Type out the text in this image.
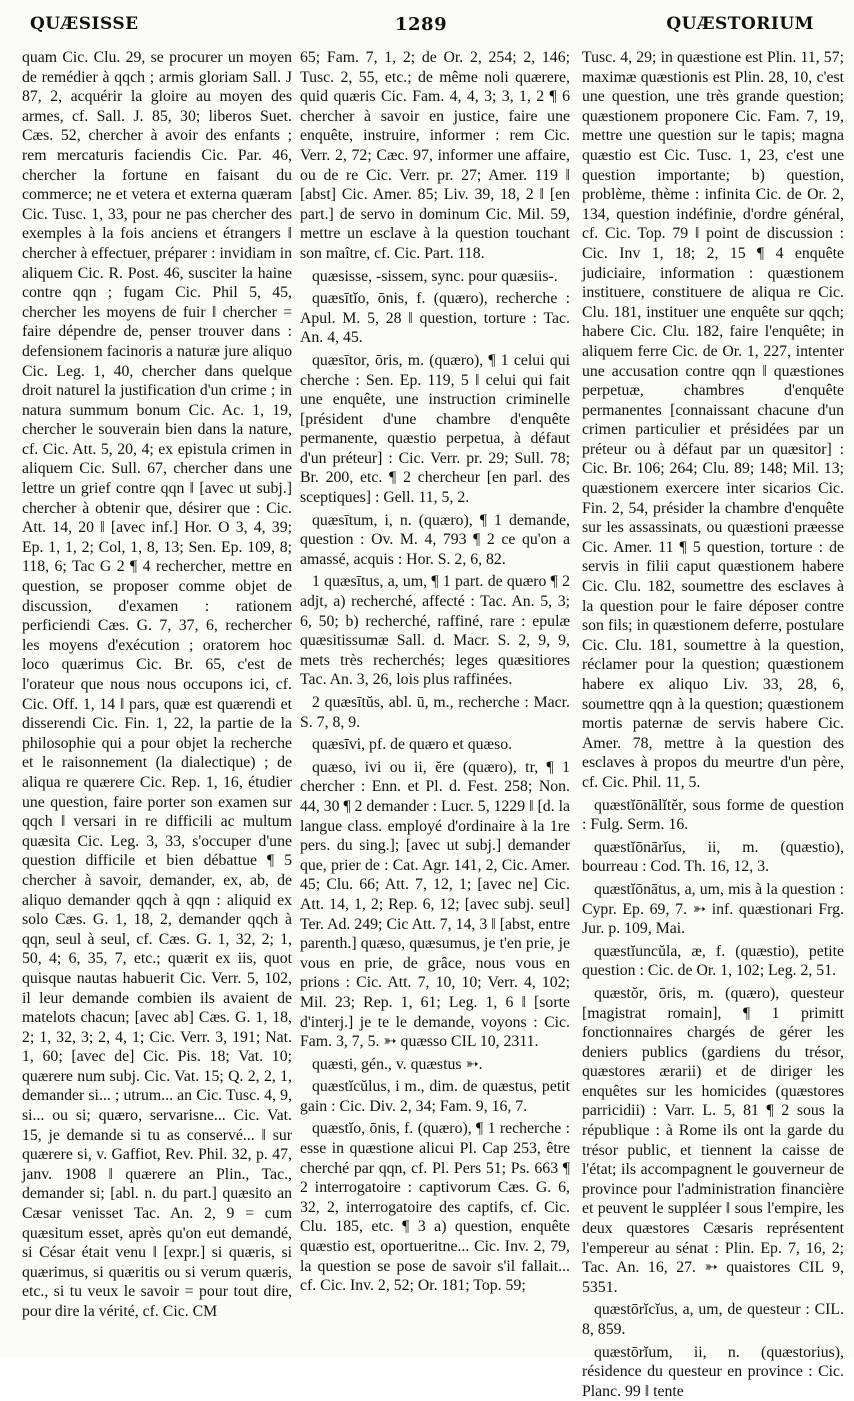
QUÆSISSE	1289	QUÆSTORIUM

quam Cic. Clu. 29, se procurer un moyen de remédier à qqch ; armis gloriam Sall. J 87, 2, acquérir la gloire au moyen des armes, cf. Sall. J. 85, 30; liberos Suet. Cæs. 52, chercher à avoir des enfants ; rem mercaturis faciendis Cic. Par. 46, chercher la fortune en faisant du commerce; ne et vetera et externa quæram Cic. Tusc. 1, 33, pour ne pas chercher des exemples à la fois anciens et étrangers ‖ chercher à effectuer, préparer : invidiam in aliquem Cic. R. Post. 46, susciter la haine contre qqn ; fugam Cic. Phil 5, 45, chercher les moyens de fuir ‖ chercher = faire dépendre de, penser trouver dans : defensionem facinoris a naturæ jure aliquo Cic. Leg. 1, 40, chercher dans quelque droit naturel la justification d'un crime ; in natura summum bonum Cic. Ac. 1, 19, chercher le souverain bien dans la nature, cf. Cic. Att. 5, 20, 4; ex epistula crimen in aliquem Cic. Sull. 67, chercher dans une lettre un grief contre qqn ‖ [avec ut subj.] chercher à obtenir que, désirer que : Cic. Att. 14, 20 ‖ [avec inf.] Hor. O 3, 4, 39; Ep. 1, 1, 2; Col, 1, 8, 13; Sen. Ep. 109, 8; 118, 6; Tac G 2 ¶ 4 rechercher, mettre en question, se proposer comme objet de discussion, d'examen : rationem perficiendi Cæs. G. 7, 37, 6, rechercher les moyens d'exécution ; oratorem hoc loco quærimus Cic. Br. 65, c'est de l'orateur que nous nous occupons ici, cf. Cic. Off. 1, 14 ‖ pars, quæ est quærendi et disserendi Cic. Fin. 1, 22, la partie de la philosophie qui a pour objet la recherche et le raisonnement (la dialectique) ; de aliqua re quærere Cic. Rep. 1, 16, étudier une question, faire porter son examen sur qqch ‖ versari in re difficili ac multum quæsita Cic. Leg. 3, 33, s'occuper d'une question difficile et bien débattue ¶ 5 chercher à savoir, demander, ex, ab, de aliquo demander qqch à qqn : aliquid ex solo Cæs. G. 1, 18, 2, demander qqch à qqn, seul à seul, cf. Cæs. G. 1, 32, 2; 1, 50, 4; 6, 35, 7, etc.; quærit ex iis, quot quisque nautas habuerit Cic. Verr. 5, 102, il leur demande combien ils avaient de matelots chacun; [avec ab] Cæs. G. 1, 18, 2; 1, 32, 3; 2, 4, 1; Cic. Verr. 3, 191; Nat. 1, 60; [avec de] Cic. Pis. 18; Vat. 10; quærere num subj. Cic. Vat. 15; Q. 2, 2, 1, demander si... ; utrum... an Cic. Tusc. 4, 9, si... ou si; quæro, servarisne... Cic. Vat. 15, je demande si tu as conservé... ‖ sur quærere si, v. Gaffiot, Rev. Phil. 32, p. 47, janv. 1908 ‖ quærere an Plin., Tac., demander si; [abl. n. du part.] quæsito an Cæsar venisset Tac. An. 2, 9 = cum quæsitum esset, après qu'on eut demandé, si César était venu ‖ [expr.] si quæris, si quærimus, si quæritis ou si verum quæris, etc., si tu veux le savoir = pour tout dire, pour dire la vérité, cf. Cic. CM

65; Fam. 7, 1, 2; de Or. 2, 254; 2, 146; Tusc. 2, 55, etc.; de même noli quærere, quid quæris Cic. Fam. 4, 4, 3; 3, 1, 2 ¶ 6 chercher à savoir en justice, faire une enquête, instruire, informer : rem Cic. Verr. 2, 72; Cæc. 97, informer une affaire, ou de re Cic. Verr. pr. 27; Amer. 119 ‖ [abst] Cic. Amer. 85; Liv. 39, 18, 2 ‖ [en part.] de servo in dominum Cic. Mil. 59, mettre un esclave à la question touchant son maître, cf. Cic. Part. 118.

quæsisse, -sissem, sync. pour quæsiis-.

quæsītĭo, ōnis, f. (quæro), recherche : Apul. M. 5, 28 ‖ question, torture : Tac. An. 4, 45.

quæsītor, ōris, m. (quæro), ¶ 1 celui qui cherche : Sen. Ep. 119, 5 ‖ celui qui fait une enquête, une instruction criminelle [président d'une chambre d'enquête permanente, quæstio perpetua, à défaut d'un préteur] : Cic. Verr. pr. 29; Sull. 78; Br. 200, etc. ¶ 2 chercheur [en parl. des sceptiques] : Gell. 11, 5, 2.

quæsītum, i, n. (quæro), ¶ 1 demande, question : Ov. M. 4, 793 ¶ 2 ce qu'on a amassé, acquis : Hor. S. 2, 6, 82.

1 quæsītus, a, um, ¶ 1 part. de quæro ¶ 2 adjt, a) recherché, affecté : Tac. An. 5, 3; 6, 50; b) recherché, raffiné, rare : epulæ quæsitissumæ Sall. d. Macr. S. 2, 9, 9, mets très recherchés; leges quæsitiores Tac. An. 3, 26, lois plus raffinées.

2 quæsītŭs, abl. ū, m., recherche : Macr. S. 7, 8, 9.

quæsīvi, pf. de quæro et quæso.

quæso, ivi ou ii, ĕre (quæro), tr, ¶ 1 chercher : Enn. et Pl. d. Fest. 258; Non. 44, 30 ¶ 2 demander : Lucr. 5, 1229 ‖ [d. la langue class. employé d'ordinaire à la 1re pers. du sing.]; [avec ut subj.] demander que, prier de : Cat. Agr. 141, 2, Cic. Amer. 45; Clu. 66; Att. 7, 12, 1; [avec ne] Cic. Att. 14, 1, 2; Rep. 6, 12; [avec subj. seul] Ter. Ad. 249; Cic Att. 7, 14, 3 ‖ [abst, entre parenth.] quæso, quæsumus, je t'en prie, je vous en prie, de grâce, nous vous en prions : Cic. Att. 7, 10, 10; Verr. 4, 102; Mil. 23; Rep. 1, 61; Leg. 1, 6 ‖ [sorte d'interj.] je te le demande, voyons : Cic. Fam. 3, 7, 5. ➳ quæsso CIL 10, 2311.

quæsti, gén., v. quæstus ➳.

quæstĭcŭlus, i m., dim. de quæstus, petit gain : Cic. Div. 2, 34; Fam. 9, 16, 7.

quæstĭo, ōnis, f. (quæro), ¶ 1 recherche : esse in quæstione alicui Pl. Cap 253, être cherché par qqn, cf. Pl. Pers 51; Ps. 663 ¶ 2 interrogatoire : captivorum Cæs. G. 6, 32, 2, interrogatoire des captifs, cf. Cic. Clu. 185, etc. ¶ 3 a) question, enquête quæstio est, oportueritne... Cic. Inv. 2, 79, la question se pose de savoir s'il fallait... cf. Cic. Inv. 2, 52; Or. 181; Top. 59;

Tusc. 4, 29; in quæstione est Plin. 11, 57; maximæ quæstionis est Plin. 28, 10, c'est une question, une très grande question; quæstionem proponere Cic. Fam. 7, 19, mettre une question sur le tapis; magna quæstio est Cic. Tusc. 1, 23, c'est une question importante; b) question, problème, thème : infinita Cic. de Or. 2, 134, question indéfinie, d'ordre général, cf. Cic. Top. 79 ‖ point de discussion : Cic. Inv 1, 18; 2, 15 ¶ 4 enquête judiciaire, information : quæstionem instituere, constituere de aliqua re Cic. Clu. 181, instituer une enquête sur qqch; habere Cic. Clu. 182, faire l'enquête; in aliquem ferre Cic. de Or. 1, 227, intenter une accusation contre qqn ‖ quæstiones perpetuæ, chambres d'enquête permanentes [connaissant chacune d'un crimen particulier et présidées par un préteur ou à défaut par un quæsitor] : Cic. Br. 106; 264; Clu. 89; 148; Mil. 13; quæstionem exercere inter sicarios Cic. Fin. 2, 54, présider la chambre d'enquête sur les assassinats, ou quæstioni præesse Cic. Amer. 11 ¶ 5 question, torture : de servis in filii caput quæstionem habere Cic. Clu. 182, soumettre des esclaves à la question pour le faire déposer contre son fils; in quæstionem deferre, postulare Cic. Clu. 181, soumettre à la question, réclamer pour la question; quæstionem habere ex aliquo Liv. 33, 28, 6, soumettre qqn à la question; quæstionem mortis paternæ de servis habere Cic. Amer. 78, mettre à la question des esclaves à propos du meurtre d'un père, cf. Cic. Phil. 11, 5.

quæstĭōnālĭtĕr, sous forme de question : Fulg. Serm. 16.

quæstĭōnārĭus, ii, m. (quæstio), bourreau : Cod. Th. 16, 12, 3.

quæstĭōnātus, a, um, mis à la question : Cypr. Ep. 69, 7. ➳ inf. quæstionari Frg. Jur. p. 109, Mai.

quæstĭuncŭla, æ, f. (quæstio), petite question : Cic. de Or. 1, 102; Leg. 2, 51.

quæstŏr, ōris, m. (quæro), questeur [magistrat romain], ¶ 1 primitt fonctionnaires chargés de gérer les deniers publics (gardiens du trésor, quæstores ærarii) et de diriger les enquêtes sur les homicides (quæstores parricidii) : Varr. L. 5, 81 ¶ 2 sous la république : à Rome ils ont la garde du trésor public, et tiennent la caisse de l'état; ils accompagnent le gouverneur de province pour l'administration financière et peuvent le suppléer ‖ sous l'empire, les deux quæstores Cæsaris représentent l'empereur au sénat : Plin. Ep. 7, 16, 2; Tac. An. 16, 27. ➳ quaistores CIL 9, 5351.

quæstōrĭcĭus, a, um, de questeur : CIL. 8, 859.

quæstōrĭum, ii, n. (quæstorius), résidence du questeur en province : Cic. Planc. 99 ‖ tente
